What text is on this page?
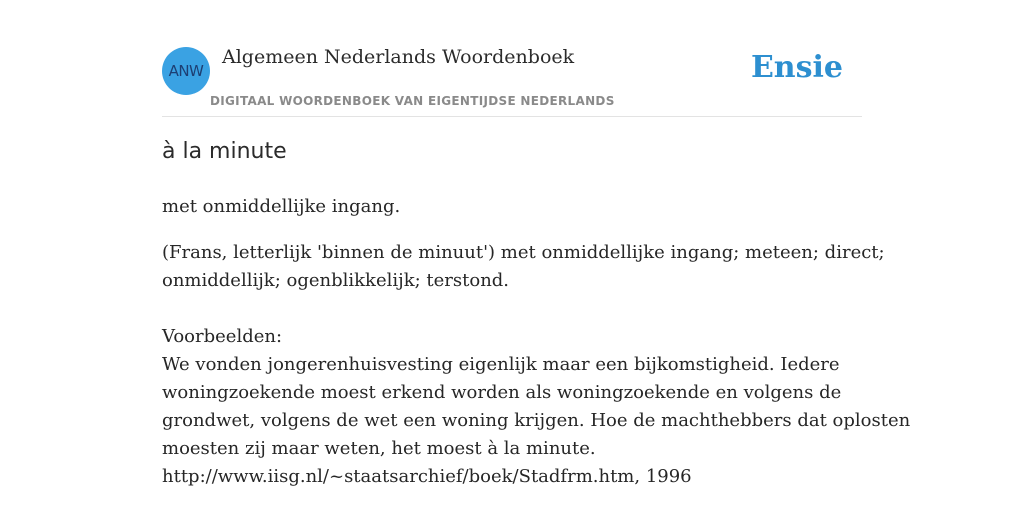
ANW
Algemeen Nederlands Woordenboek
DIGITAAL WOORDENBOEK VAN EIGENTIJDSE NEDERLANDS
Ensie
à la minute
met onmiddellijke ingang.
(Frans, letterlijk 'binnen de minuut') met onmiddellijke ingang; meteen; direct;
onmiddellijk; ogenblikkelijk; terstond.
Voorbeelden:
We vonden jongerenhuisvesting eigenlijk maar een bijkomstigheid. Iedere
woningzoekende moest erkend worden als woningzoekende en volgens de
grondwet, volgens de wet een woning krijgen. Hoe de machthebbers dat oplosten
moesten zij maar weten, het moest à la minute.
http://www.iisg.nl/~staatsarchief/boek/Stadfrm.htm, 1996
